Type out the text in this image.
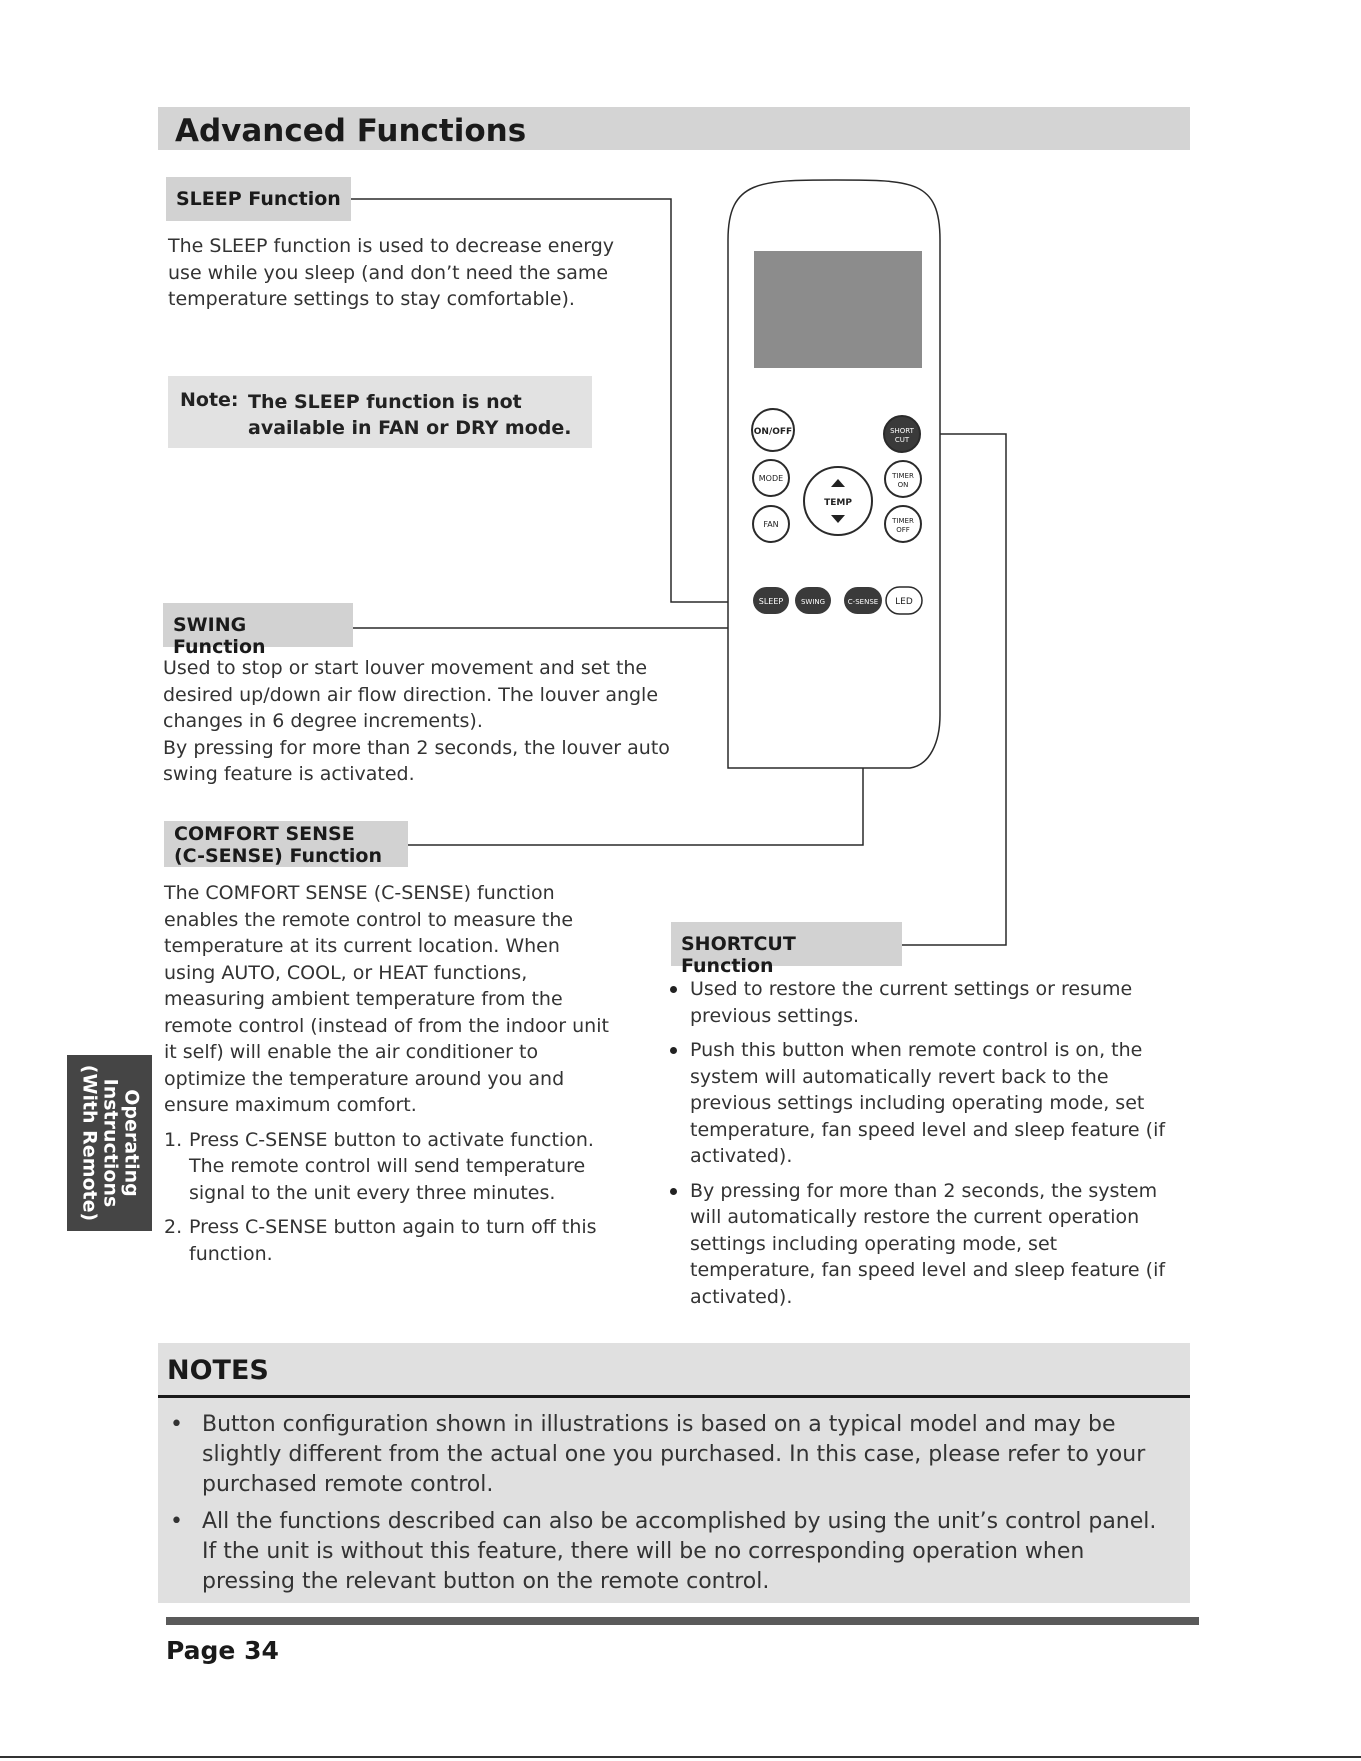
Advanced Functions
ON/OFF
MODE
FAN
TEMP
SHORT
CUT
TIMER
ON
TIMER
OFF
SLEEP	SWING	C-SENSE LED
SLEEP Function
The SLEEP function is used to decrease energy use while you sleep (and don’t need the same temperature settings to stay comfortable).
Note: The SLEEP function is not available in FAN or DRY mode.
SWING Function
Used to stop or start louver movement and set the desired up/down air flow direction. The louver angle changes in 6 degree increments).
By pressing for more than 2 seconds, the louver auto swing feature is activated.
COMFORT SENSE
(C-SENSE) Function
The COMFORT SENSE (C-SENSE) function enables the remote control to measure the temperature at its current location. When using AUTO, COOL, or HEAT functions, measuring ambient temperature from the remote control (instead of from the indoor unit it self) will enable the air conditioner to optimize the temperature around you and ensure maximum comfort.
1. Press C-SENSE button to activate function. The remote control will send temperature signal to the unit every three minutes.
2. Press C-SENSE button again to turn off this function.
SHORTCUT Function
Used to restore the current settings or resume previous settings.
Push this button when remote control is on, the system will automatically revert back to the previous settings including operating mode, set temperature, fan speed level and sleep feature (if activated).
By pressing for more than 2 seconds, the system will automatically restore the current operation settings including operating mode, set temperature, fan speed level and sleep feature (if activated).
Operating
Instructions
(With Remote)
NOTES
• Button configuration shown in illustrations is based on a typical model and may be slightly different from the actual one you purchased. In this case, please refer to your purchased remote control.
• All the functions described can also be accomplished by using the unit’s control panel. If the unit is without this feature, there will be no corresponding operation when pressing the relevant button on the remote control.
Page 34
